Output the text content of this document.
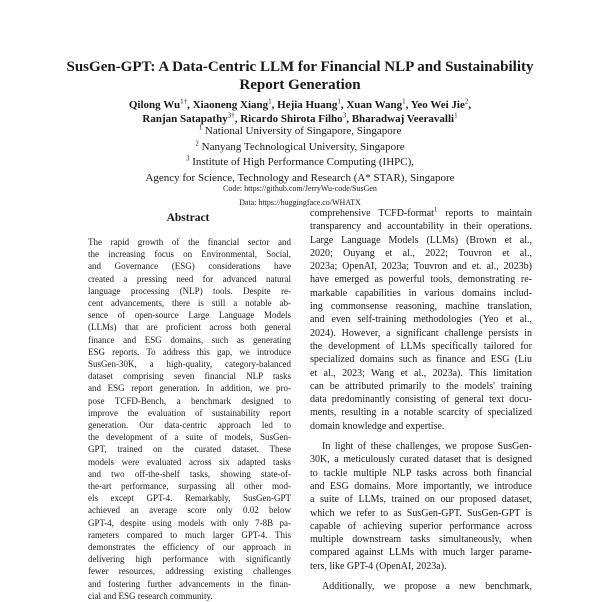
SusGen-GPT: A Data-Centric LLM for Financial NLP and Sustainability
Report Generation
Qilong $Wu^{1\dagger}$, Xiaoneng Xiang$^1$, Hejia Huang$^1$, Xuan Wang$^1$, Yeo Wei Jie$^2$,
Ranjan Satapathy$^{3\dagger}$, Ricardo Shirota Filho$^3$, Bharadwaj Veeravalli$^1$
$^1$ National University of Singapore, Singapore
$^2$ Nanyang Technological University, Singapore
$^3$ Institute of High Performance Computing (IHPC),
Agency for Science, Technology and Research (A* STAR), Singapore
Code: https://github.com/JerryWu-code/SusGen
Data: https://huggingface.co/WHATX
Abstract
The rapid growth of the financial sector and
the increasing focus on Environmental, Social,
and Governance (ESG) considerations have
created a pressing need for advanced natural
language processing (NLP) tools. Despite re-
cent advancements, there is still a notable ab-
sence of open-source Large Language Models
(LLMs) that are proficient across both general
finance and ESG domains, such as generating
ESG reports. To address this gap, we introduce
SusGen-30K, a high-quality, category-balanced
dataset comprising seven financial NLP tasks
and ESG report generation. In addition, we pro-
pose TCFD-Bench, a benchmark designed to
improve the evaluation of sustainability report
generation. Our data-centric approach led to
the development of a suite of models, SusGen-
GPT, trained on the curated dataset. These
models were evaluated across six adapted tasks
and two off-the-shelf tasks, showing state-of-
the-art performance, surpassing all other mod-
els except GPT-4. Remarkably, SusGen-GPT
achieved an average score only 0.02 below
GPT-4, despite using models with only 7-8B pa-
rameters compared to much larger GPT-4. This
demonstrates the efficiency of our approach in
delivering high performance with significantly
fewer resources, addressing existing challenges
and fostering further advancements in the finan-
cial and ESG research community.
comprehensive TCFD-format$^1$ reports to maintain
transparency and accountability in their operations.
Large Language Models (LLMs) (Brown et al.,
2020; Ouyang et al., 2022; Touvron et al.,
2023a; OpenAI, 2023a; Touvron and et. al., 2023b)
have emerged as powerful tools, demonstrating re-
markable capabilities in various domains includ-
ing commonsense reasoning, machine translation,
and even self-training methodologies (Yeo et al.,
2024). However, a significant challenge persists in
the development of LLMs specifically tailored for
specialized domains such as finance and ESG (Liu
et al., 2023; Wang et al., 2023a). This limitation
can be attributed primarily to the models' training
data predominantly consisting of general text docu-
ments, resulting in a notable scarcity of specialized
domain knowledge and expertise.
In light of these challenges, we propose SusGen-
30K, a meticulously curated dataset that is designed
to tackle multiple NLP tasks across both financial
and ESG domains. More importantly, we introduce
a suite of LLMs, trained on our proposed dataset,
which we refer to as SusGen-GPT. SusGen-GPT is
capable of achieving superior performance across
multiple downstream tasks simultaneously, when
compared against LLMs with much larger parame-
ters, like GPT-4 (OpenAI, 2023a).
Additionally, we propose a new benchmark,
